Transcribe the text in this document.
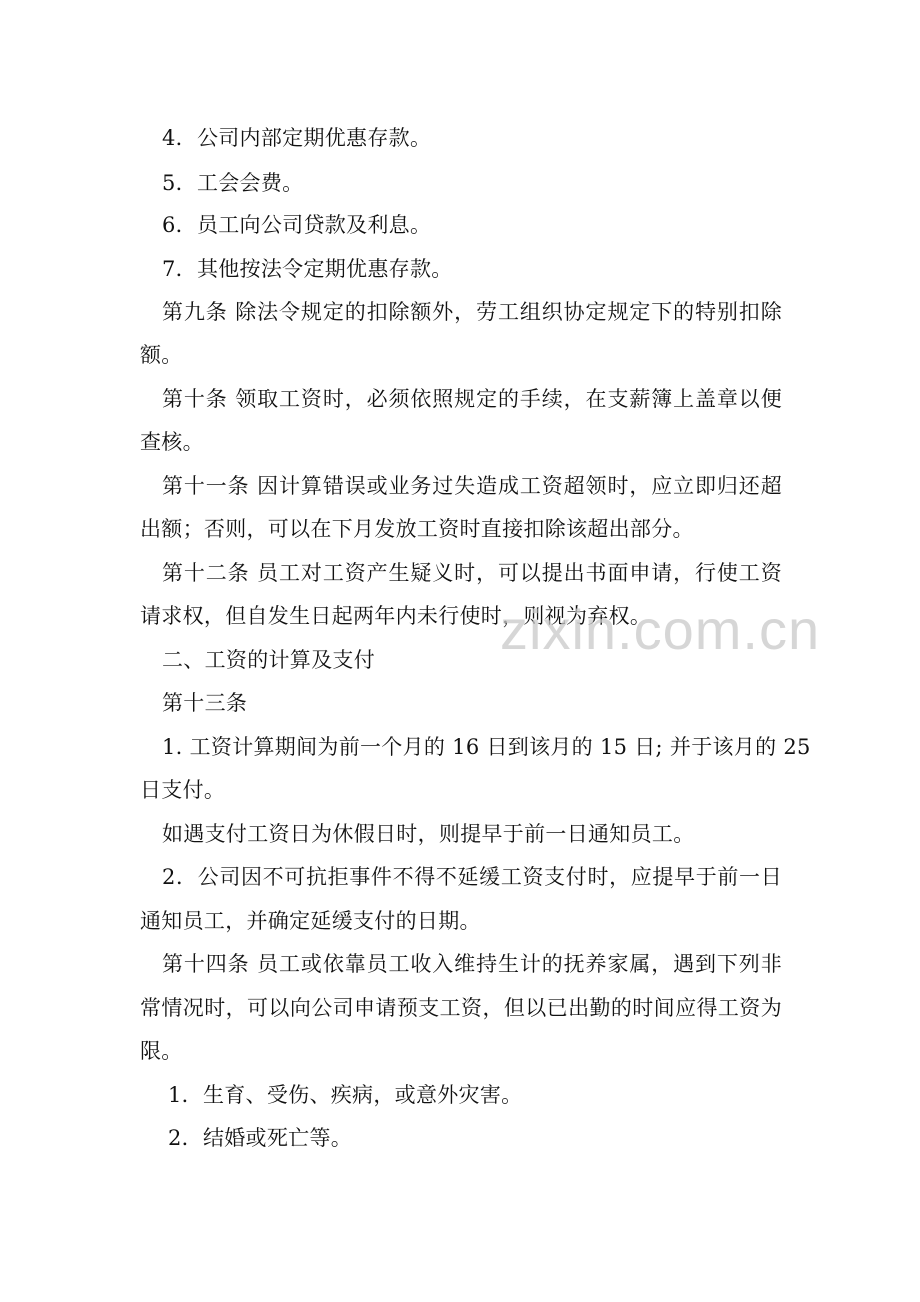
4．公司内部定期优惠存款。
5．工会会费。
6．员工向公司贷款及利息。
7．其他按法令定期优惠存款。
第九条 除法令规定的扣除额外，劳工组织协定规定下的特别扣除
额。
第十条 领取工资时，必须依照规定的手续，在支薪簿上盖章以便
查核。
第十一条 因计算错误或业务过失造成工资超领时，应立即归还超
出额；否则，可以在下月发放工资时直接扣除该超出部分。
第十二条 员工对工资产生疑义时，可以提出书面申请，行使工资
请求权，但自发生日起两年内未行使时，则视为弃权。
二、工资的计算及支付
第十三条
1. 工资计算期间为前一个月的 16 日到该月的 15 日; 并于该月的 25
日支付。
如遇支付工资日为休假日时，则提早于前一日通知员工。
2．公司因不可抗拒事件不得不延缓工资支付时，应提早于前一日
通知员工，并确定延缓支付的日期。
第十四条 员工或依靠员工收入维持生计的抚养家属，遇到下列非
常情况时，可以向公司申请预支工资，但以已出勤的时间应得工资为
限。
1．生育、受伤、疾病，或意外灾害。
2．结婚或死亡等。
zixin.com.cn
